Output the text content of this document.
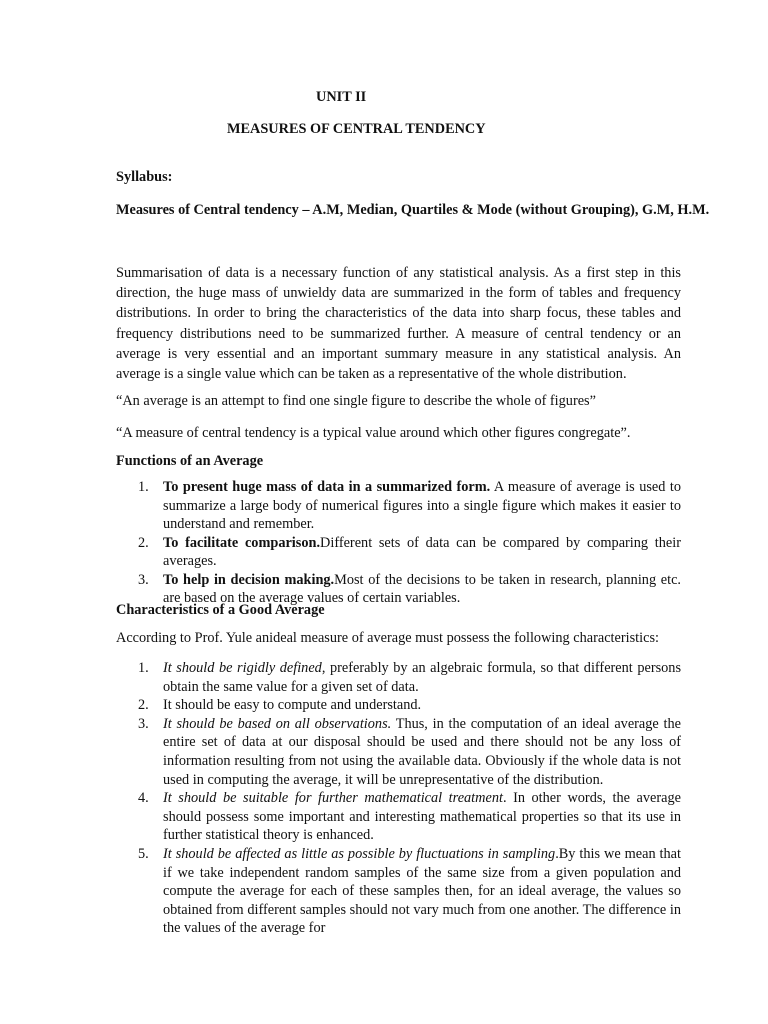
UNIT II
MEASURES OF CENTRAL TENDENCY
Syllabus:
Measures of Central tendency – A.M, Median, Quartiles & Mode (without Grouping), G.M, H.M.
Summarisation of data is a necessary function of any statistical analysis. As a first step in this direction, the huge mass of unwieldy data are summarized in the form of tables and frequency distributions. In order to bring the characteristics of the data into sharp focus, these tables and frequency distributions need to be summarized further. A measure of central tendency or an average is very essential and an important summary measure in any statistical analysis. An average is a single value which can be taken as a representative of the whole distribution.
“An average is an attempt to find one single figure to describe the whole of figures”
“A measure of central tendency is a typical value around which other figures congregate”.
Functions of an Average
1. To present huge mass of data in a summarized form. A measure of average is used to summarize a large body of numerical figures into a single figure which makes it easier to understand and remember.
2. To facilitate comparison.Different sets of data can be compared by comparing their averages.
3. To help in decision making.Most of the decisions to be taken in research, planning etc. are based on the average values of certain variables.
Characteristics of a Good Average
According to Prof. Yule anideal measure of average must possess the following characteristics:
1. It should be rigidly defined, preferably by an algebraic formula, so that different persons obtain the same value for a given set of data.
2. It should be easy to compute and understand.
3. It should be based on all observations. Thus, in the computation of an ideal average the entire set of data at our disposal should be used and there should not be any loss of information resulting from not using the available data. Obviously if the whole data is not used in computing the average, it will be unrepresentative of the distribution.
4. It should be suitable for further mathematical treatment. In other words, the average should possess some important and interesting mathematical properties so that its use in further statistical theory is enhanced.
5. It should be affected as little as possible by fluctuations in sampling.By this we mean that if we take independent random samples of the same size from a given population and compute the average for each of these samples then, for an ideal average, the values so obtained from different samples should not vary much from one another. The difference in the values of the average for
